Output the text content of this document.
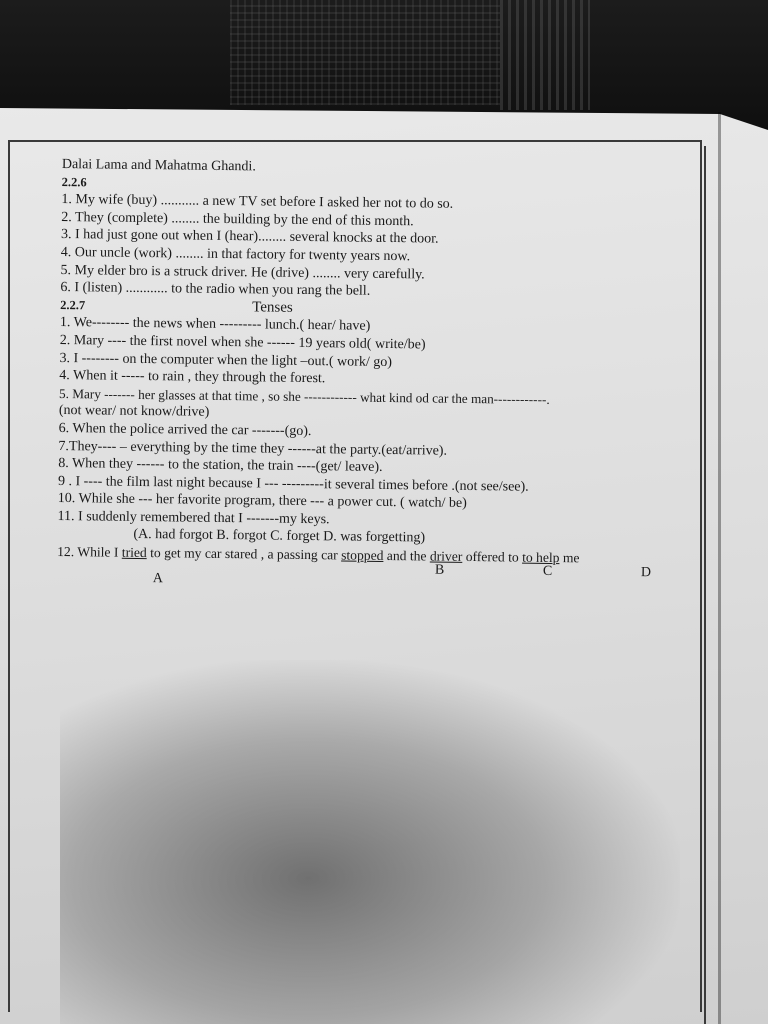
Dalai Lama and Mahatma Ghandi.
2.2.6
1. My wife (buy) ........... a new TV set before I asked her not to do so.
2. They (complete) ........ the building by the end of this month.
3. I had just gone out when I (hear)........ several knocks at the door.
4. Our uncle (work) ........ in that factory for twenty years now.
5. My elder bro is a struck driver. He (drive) ........ very carefully.
6. I (listen) ............ to the radio when you rang the bell.
2.2.7	Tenses
1. We-------- the news when --------- lunch.( hear/ have)
2. Mary ---- the first novel when she ------ 19 years old( write/be)
3. I -------- on the computer when the light –out.( work/ go)
4. When it ----- to rain , they through the forest.
5. Mary ------- her glasses at that time , so she ------------ what kind od car the man------------.
(not wear/ not know/drive)
6. When the police arrived the car -------(go).
7.They---- – everything by the time they ------at the party.(eat/arrive).
8. When they ------ to the station, the train ----(get/ leave).
9 . I ---- the film last night because I --- ---------it several times before .(not see/see).
10. While she --- her favorite program, there --- a power cut. ( watch/ be)
11. I suddenly remembered that I -------my keys.
(A. had forgot B. forgot C. forget D. was forgetting)
12. While I tried to get my car stared , a passing car stopped and the driver offered to to help me
A
B	C	D
